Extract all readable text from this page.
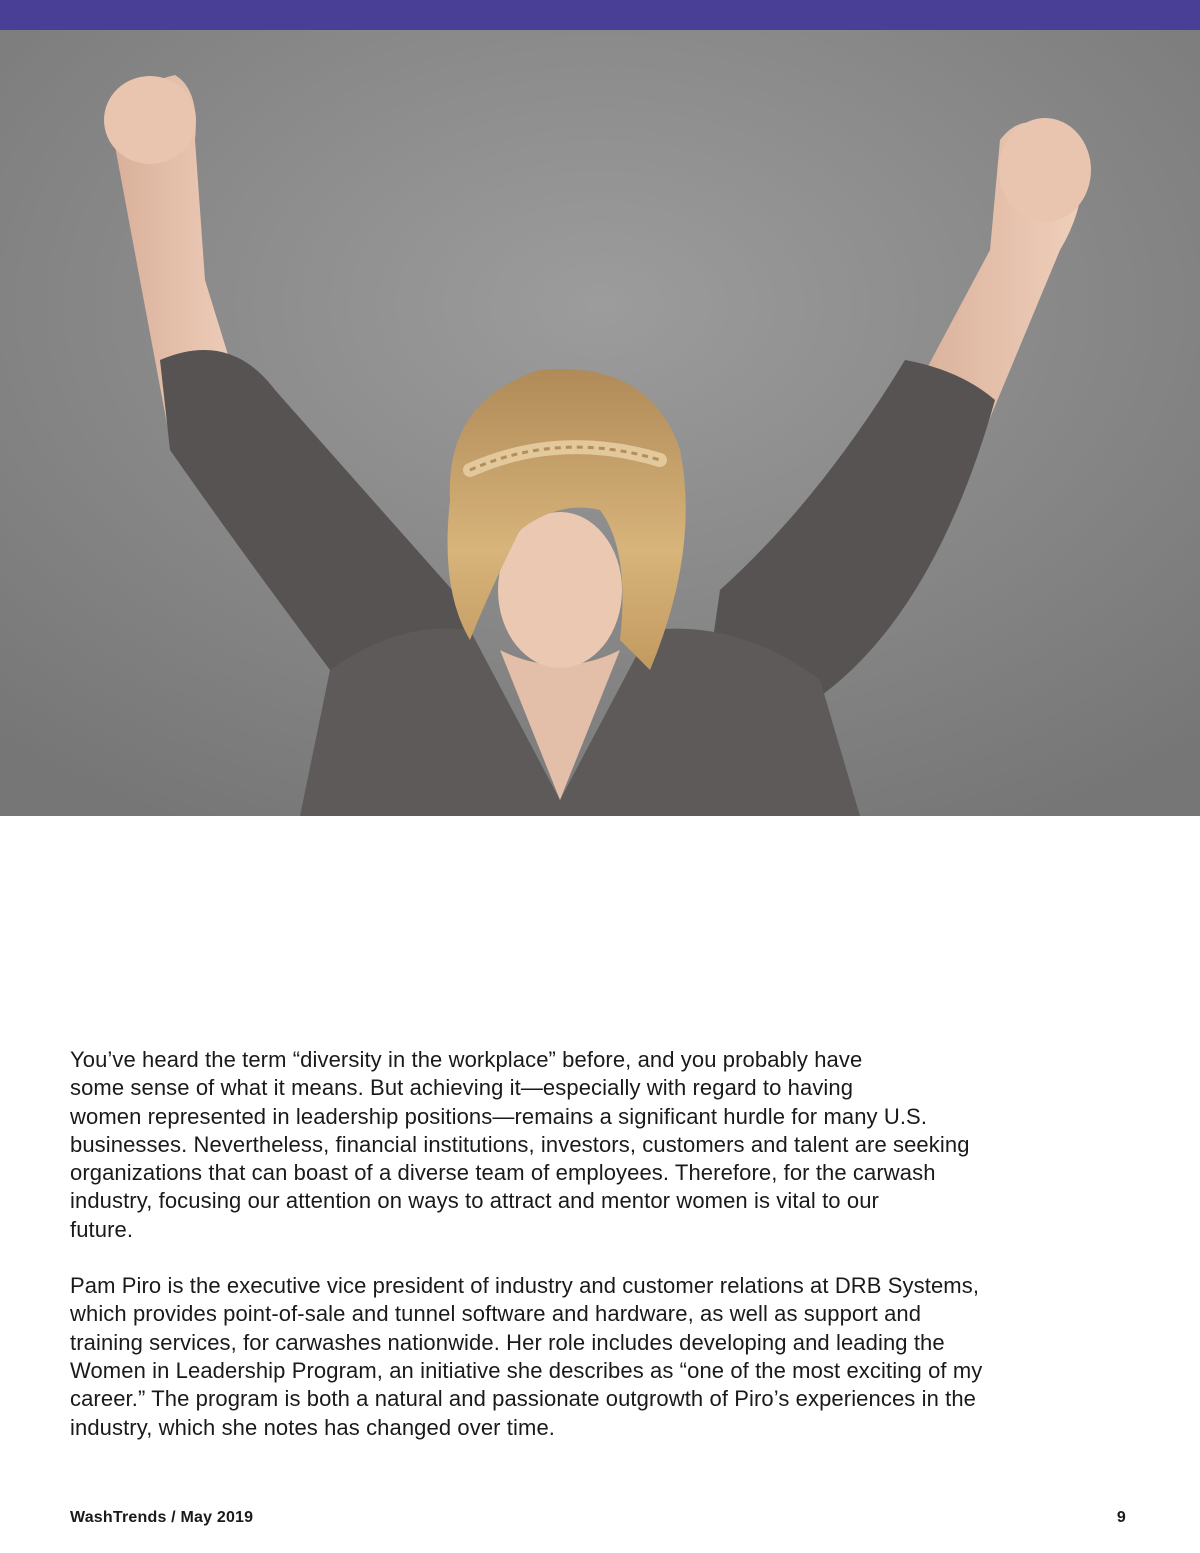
You’ve heard the term “diversity in the workplace” before, and you probably have
some sense of what it means. But achieving it—especially with regard to having
women represented in leadership positions—remains a significant hurdle for many U.S.
businesses. Nevertheless, financial institutions, investors, customers and talent are seeking
organizations that can boast of a diverse team of employees. Therefore, for the carwash
industry, focusing our attention on ways to attract and mentor women is vital to our
future.

Pam Piro is the executive vice president of industry and customer relations at DRB Systems,
which provides point-of-sale and tunnel software and hardware, as well as support and
training services, for carwashes nationwide. Her role includes developing and leading the
Women in Leadership Program, an initiative she describes as “one of the most exciting of my
career.” The program is both a natural and passionate outgrowth of Piro’s experiences in the
industry, which she notes has changed over time.

WashTrends / May 2019	9
